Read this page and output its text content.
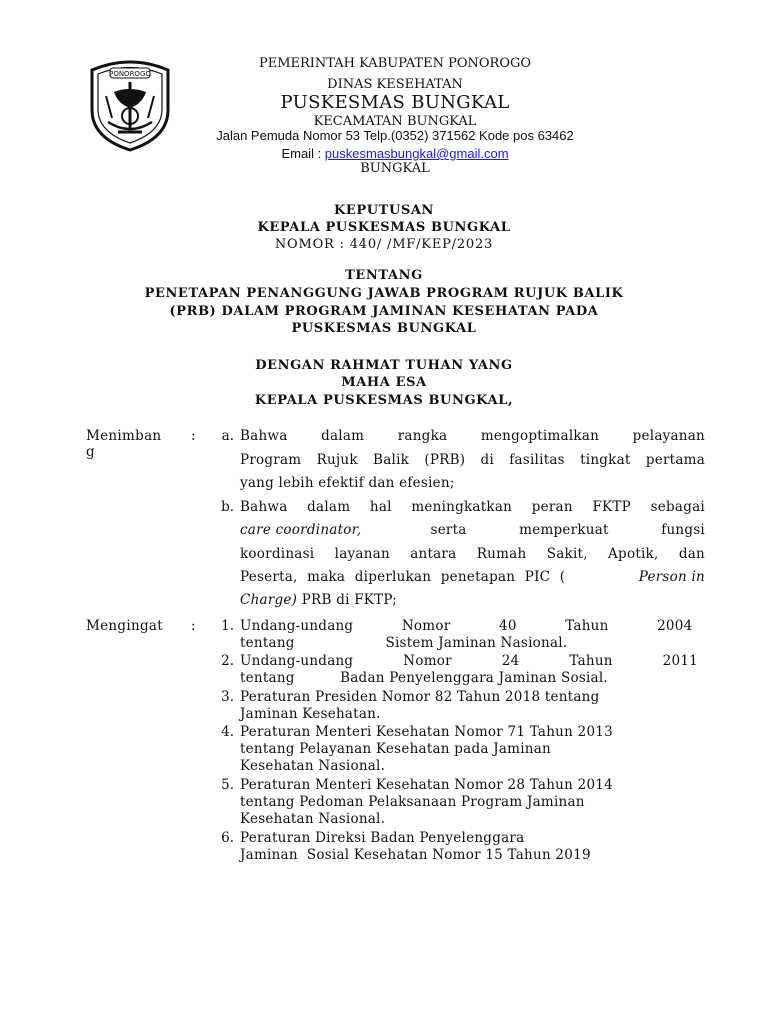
PONOROGO
PEMERINTAH KABUPATEN PONOROGO
DINAS KESEHATAN
PUSKESMAS BUNGKAL
KECAMATAN BUNGKAL
Jalan Pemuda Nomor 53 Telp.(0352) 371562 Kode pos 63462
Email : puskesmasbungkal@gmail.com
BUNGKAL
KEPUTUSAN
KEPALA PUSKESMAS BUNGKAL
NOMOR : 440/ /MF/KEP/2023
TENTANG
PENETAPAN PENANGGUNG JAWAB PROGRAM RUJUK BALIK
(PRB) DALAM PROGRAM JAMINAN KESEHATAN PADA
PUSKESMAS BUNGKAL
DENGAN RAHMAT TUHAN YANG
MAHA ESA
KEPALA PUSKESMAS BUNGKAL,
Menimban
g
:	a. Bahwa dalam rangka mengoptimalkan pelayanan
Program Rujuk Balik (PRB) di fasilitas tingkat pertama
yang lebih efektif dan efesien;
b. Bahwa dalam hal meningkatkan peran FKTP sebagai
care coordinator,	serta memperkuat fungsi
koordinasi layanan antara Rumah Sakit, Apotik, dan
Peserta, maka diperlukan penetapan PIC (	Person in
Charge) PRB di FKTP;
Mengingat :	1. Undang-undang Nomor 40 Tahun 2004
tentang                    Sistem Jaminan Nasional.
2. Undang-undang Nomor 24 Tahun 2011
tentang          Badan Penyelenggara Jaminan Sosial.
3. Peraturan Presiden Nomor 82 Tahun 2018 tentang
Jaminan Kesehatan.
4. Peraturan Menteri Kesehatan Nomor 71 Tahun 2013
tentang Pelayanan Kesehatan pada Jaminan
Kesehatan Nasional.
5. Peraturan Menteri Kesehatan Nomor 28 Tahun 2014
tentang Pedoman Pelaksanaan Program Jaminan
Kesehatan Nasional.
6. Peraturan Direksi Badan Penyelenggara
Jaminan  Sosial Kesehatan Nomor 15 Tahun 2019
